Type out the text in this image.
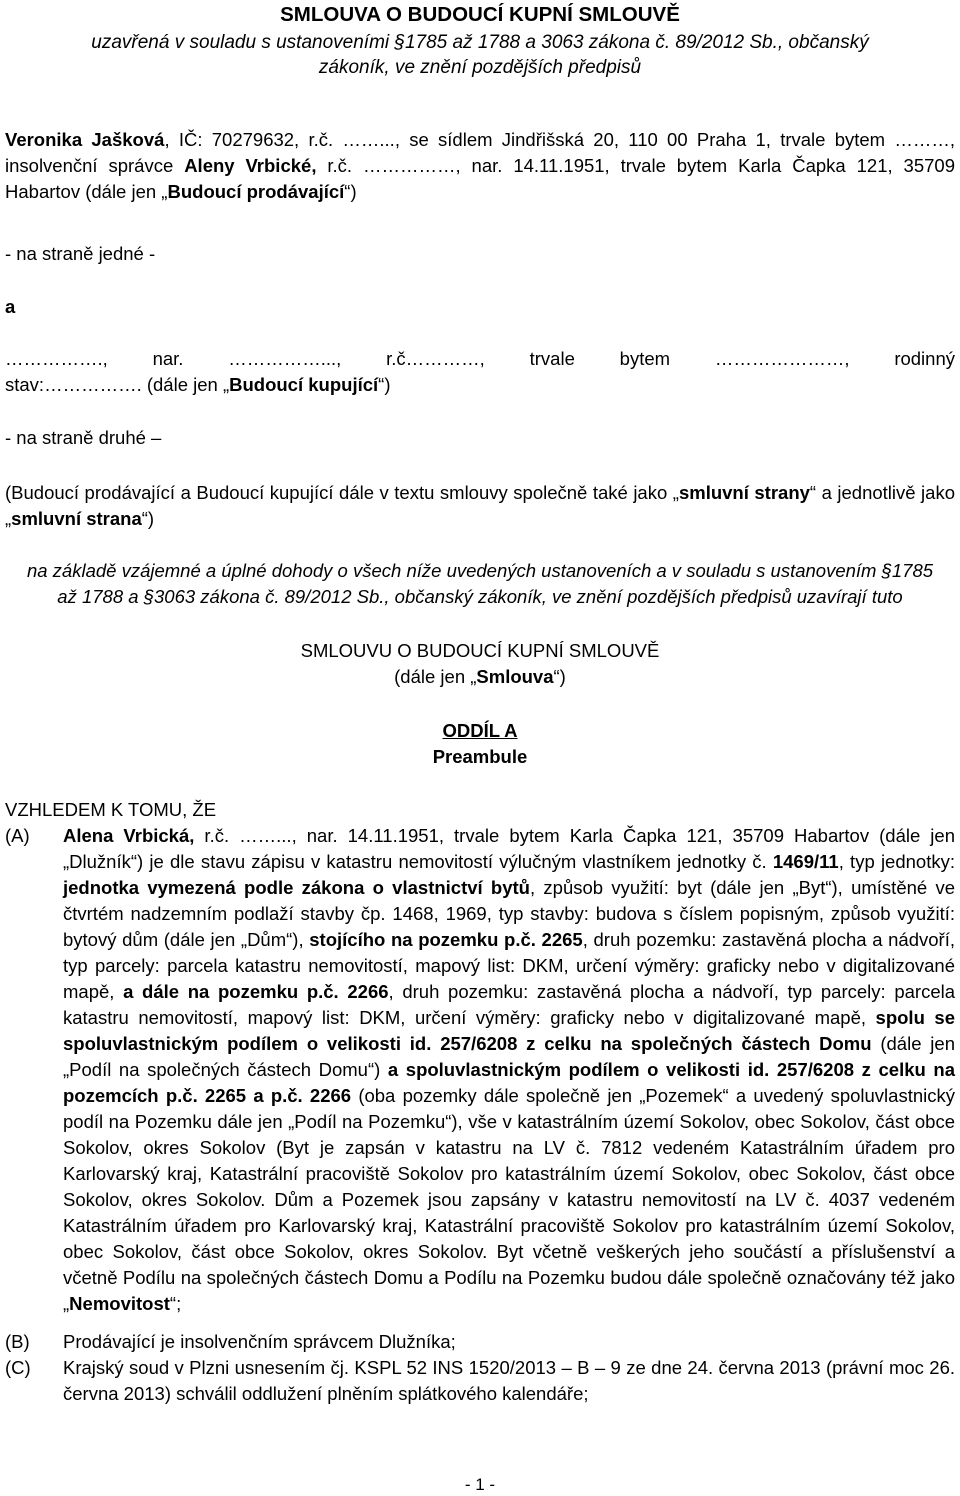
SMLOUVA O BUDOUCÍ KUPNÍ SMLOUVĚ
uzavřená v souladu s ustanoveními §1785 až 1788 a 3063 zákona č. 89/2012 Sb., občanský
zákoník, ve znění pozdějších předpisů
Veronika Jašková, IČ: 70279632, r.č. ……..., se sídlem Jindřišská 20, 110 00 Praha 1, trvale bytem ………, insolvenční správce Aleny Vrbické, r.č. ……………, nar. 14.11.1951, trvale bytem Karla Čapka 121, 35709 Habartov (dále jen „Budoucí prodávající“)
- na straně jedné -
a
……………., nar. ……………..., r.č…………, trvale bytem …………………, rodinný
stav:……………. (dále jen „Budoucí kupující“)
- na straně druhé –
(Budoucí prodávající a Budoucí kupující dále v textu smlouvy společně také jako „smluvní strany“ a jednotlivě jako „smluvní strana“)
na základě vzájemné a úplné dohody o všech níže uvedených ustanoveních a v souladu s ustanovením §1785
až 1788 a §3063 zákona č. 89/2012 Sb., občanský zákoník, ve znění pozdějších předpisů uzavírají tuto
SMLOUVU O BUDOUCÍ KUPNÍ SMLOUVĚ
(dále jen „Smlouva“)
ODDÍL A
Preambule
VZHLEDEM K TOMU, ŽE
(A) Alena Vrbická, r.č. ……..., nar. 14.11.1951, trvale bytem Karla Čapka 121, 35709 Habartov (dále jen „Dlužník“) je dle stavu zápisu v katastru nemovitostí výlučným vlastníkem jednotky č. 1469/11, typ jednotky: jednotka vymezená podle zákona o vlastnictví bytů, způsob využití: byt (dále jen „Byt“), umístěné ve čtvrtém nadzemním podlaží stavby čp. 1468, 1969, typ stavby: budova s číslem popisným, způsob využití: bytový dům (dále jen „Dům“), stojícího na pozemku p.č. 2265, druh pozemku: zastavěná plocha a nádvoří, typ parcely: parcela katastru nemovitostí, mapový list: DKM, určení výměry: graficky nebo v digitalizované mapě, a dále na pozemku p.č. 2266, druh pozemku: zastavěná plocha a nádvoří, typ parcely: parcela katastru nemovitostí, mapový list: DKM, určení výměry: graficky nebo v digitalizované mapě, spolu se spoluvlastnickým podílem o velikosti id. 257/6208 z celku na společných částech Domu (dále jen „Podíl na společných částech Domu“) a spoluvlastnickým podílem o velikosti id. 257/6208 z celku na pozemcích p.č. 2265 a p.č. 2266 (oba pozemky dále společně jen „Pozemek“ a uvedený spoluvlastnický podíl na Pozemku dále jen „Podíl na Pozemku“), vše v katastrálním území Sokolov, obec Sokolov, část obce Sokolov, okres Sokolov (Byt je zapsán v katastru na LV č. 7812 vedeném Katastrálním úřadem pro Karlovarský kraj, Katastrální pracoviště Sokolov pro katastrálním území Sokolov, obec Sokolov, část obce Sokolov, okres Sokolov. Dům a Pozemek jsou zapsány v katastru nemovitostí na LV č. 4037 vedeném Katastrálním úřadem pro Karlovarský kraj, Katastrální pracoviště Sokolov pro katastrálním území Sokolov, obec Sokolov, část obce Sokolov, okres Sokolov. Byt včetně veškerých jeho součástí a příslušenství a včetně Podílu na společných částech Domu a Podílu na Pozemku budou dále společně označovány též jako „Nemovitost“;
(B) Prodávající je insolvenčním správcem Dlužníka;
(C) Krajský soud v Plzni usnesením čj. KSPL 52 INS 1520/2013 – B – 9 ze dne 24. června 2013 (právní moc 26. června 2013) schválil oddlužení plněním splátkového kalendáře;
- 1 -
